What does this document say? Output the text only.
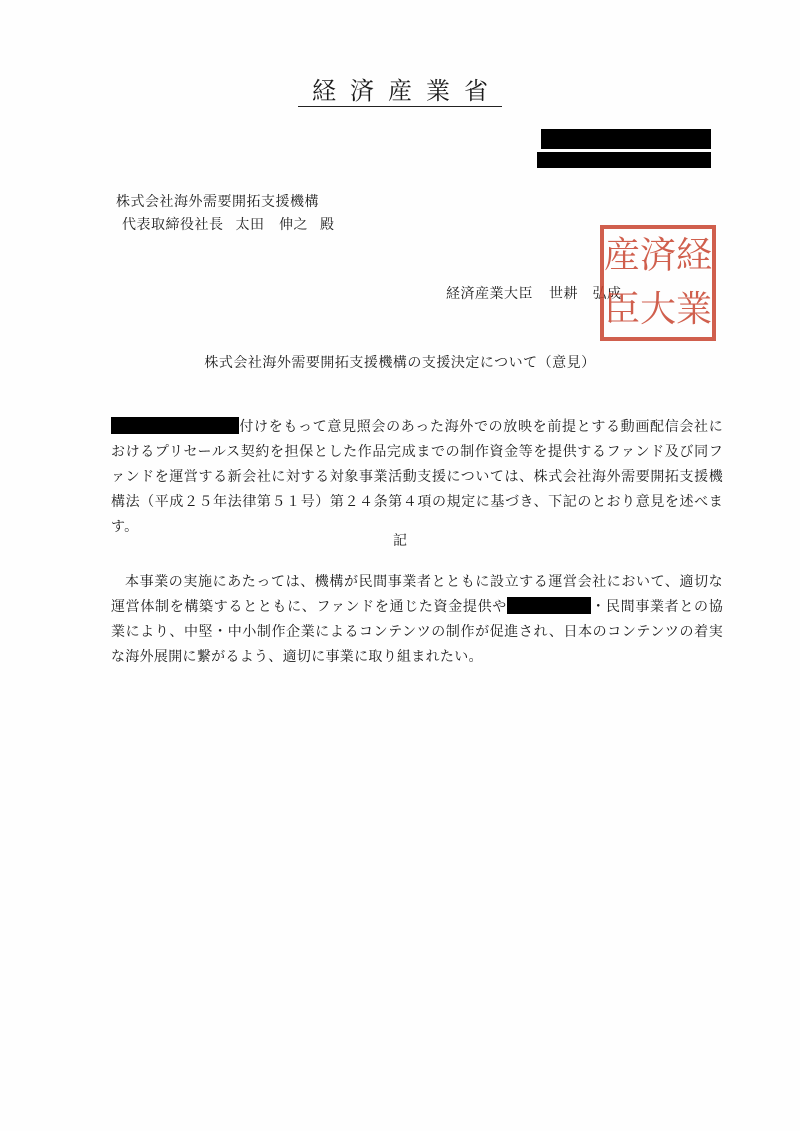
経済産業省
株式会社海外需要開拓支援機構
代表取締役社長 太田　伸之 殿
経済産業大臣 世耕　弘成
産 済 経
臣 大 業
株式会社海外需要開拓支援機構の支援決定について（意見）
付けをもって意見照会のあった海外での放映を前提とする動画配信会社におけるプリセールス契約を担保とした作品完成までの制作資金等を提供するファンド及び同ファンドを運営する新会社に対する対象事業活動支援については、株式会社海外需要開拓支援機構法（平成２５年法律第５１号）第２４条第４項の規定に基づき、下記のとおり意見を述べます。
記
本事業の実施にあたっては、機構が民間事業者とともに設立する運営会社において、適切な運営体制を構築するとともに、ファンドを通じた資金提供や	・民間事業者との協業により、中堅・中小制作企業によるコンテンツの制作が促進され、日本のコンテンツの着実な海外展開に繋がるよう、適切に事業に取り組まれたい。
